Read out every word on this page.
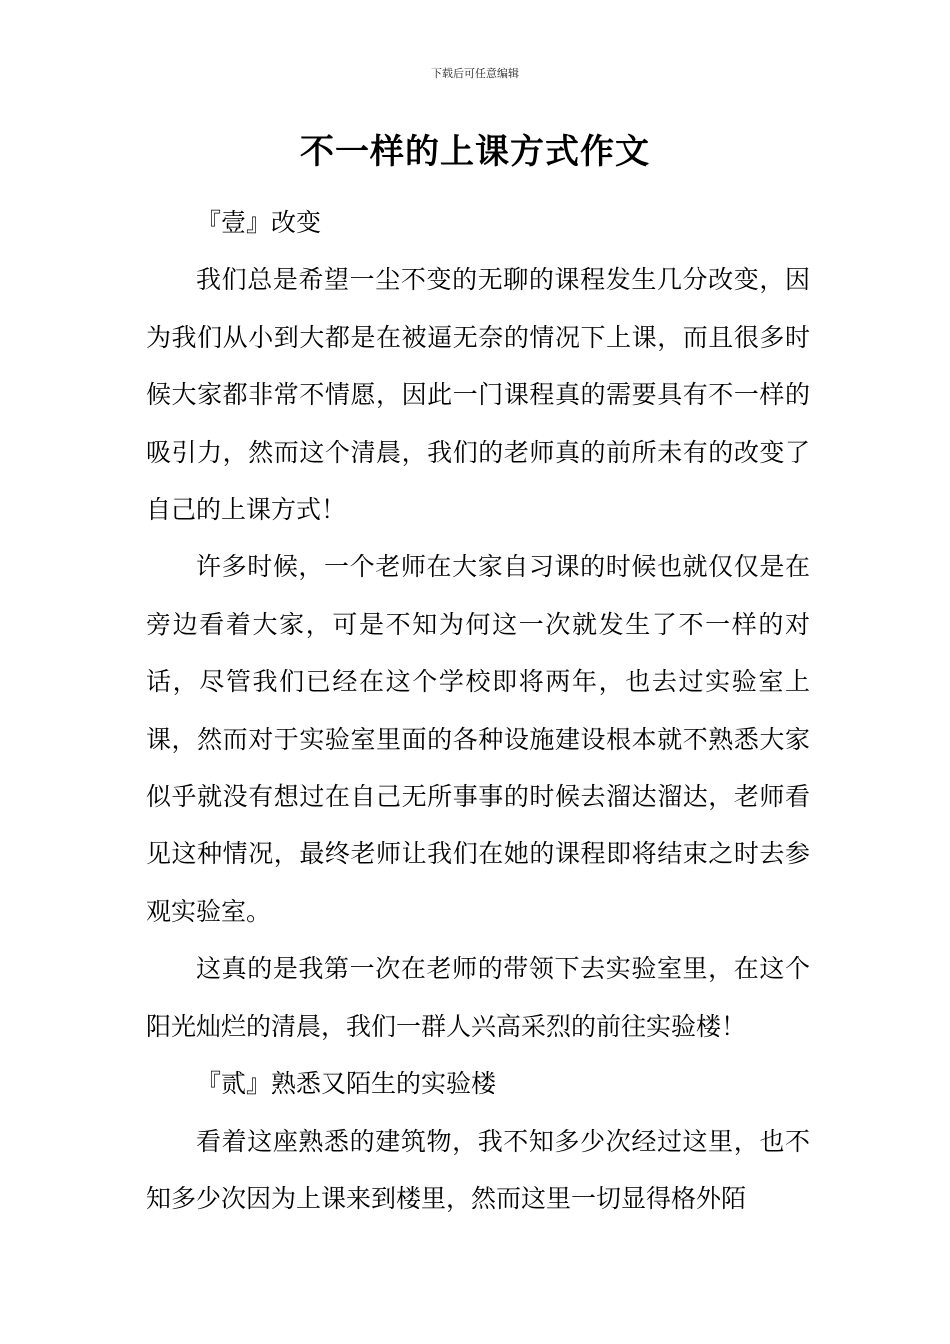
下载后可任意编辑
不一样的上课方式作文

『壹』改变

我们总是希望一尘不变的无聊的课程发生几分改变，因为我们从小到大都是在被逼无奈的情况下上课，而且很多时候大家都非常不情愿，因此一门课程真的需要具有不一样的吸引力，然而这个清晨，我们的老师真的前所未有的改变了自己的上课方式！

许多时候，一个老师在大家自习课的时候也就仅仅是在旁边看着大家，可是不知为何这一次就发生了不一样的对话，尽管我们已经在这个学校即将两年，也去过实验室上课，然而对于实验室里面的各种设施建设根本就不熟悉大家似乎就没有想过在自己无所事事的时候去溜达溜达，老师看见这种情况，最终老师让我们在她的课程即将结束之时去参观实验室。

这真的是我第一次在老师的带领下去实验室里，在这个阳光灿烂的清晨，我们一群人兴高采烈的前往实验楼！

『贰』熟悉又陌生的实验楼

看着这座熟悉的建筑物，我不知多少次经过这里，也不知多少次因为上课来到楼里，然而这里一切显得格外陌
